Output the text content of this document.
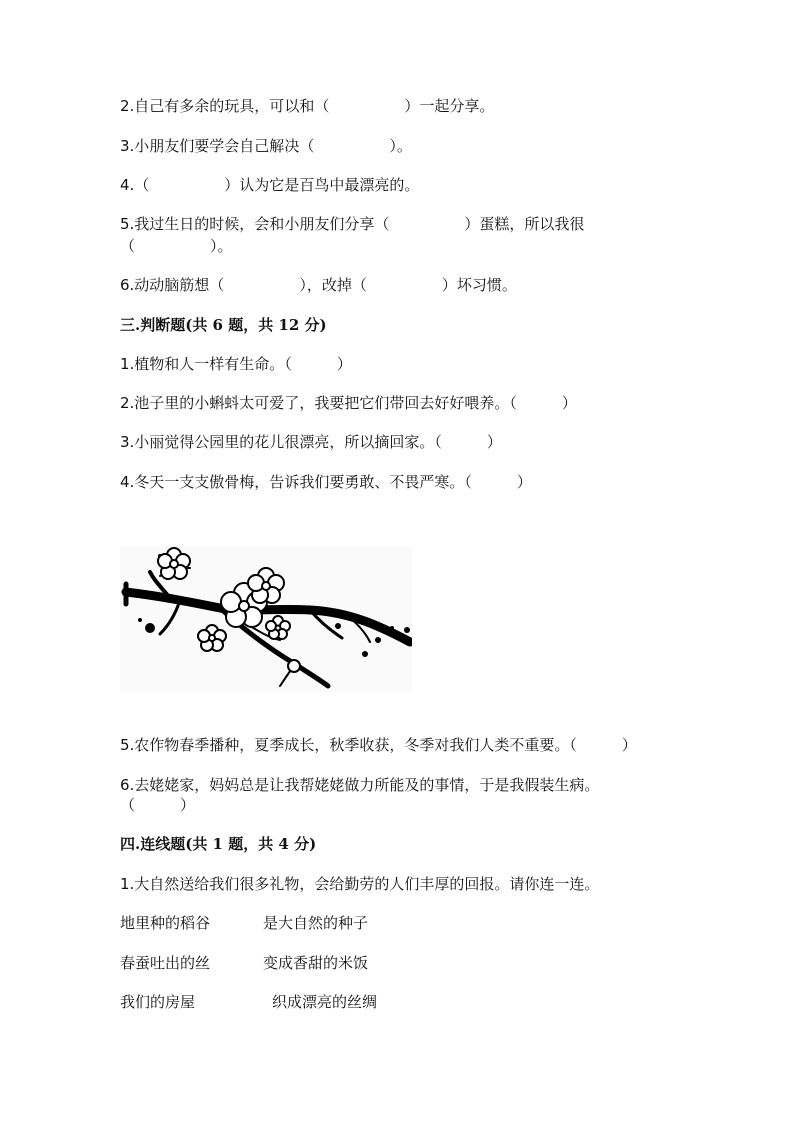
2.自己有多余的玩具，可以和（　　　　　）一起分享。
3.小朋友们要学会自己解决（　　　　　）。
4.（　　　　　）认为它是百鸟中最漂亮的。
5.我过生日的时候，会和小朋友们分享（　　　　　）蛋糕，所以我很
（　　　　　）。
6.动动脑筋想（　　　　　），改掉（　　　　　）坏习惯。
三.判断题(共 6 题，共 12 分)
1.植物和人一样有生命。（　　　）
2.池子里的小蝌蚪太可爱了，我要把它们带回去好好喂养。（　　　）
3.小丽觉得公园里的花儿很漂亮，所以摘回家。（　　　）
4.冬天一支支傲骨梅，告诉我们要勇敢、不畏严寒。（　　　）
5.农作物春季播种，夏季成长，秋季收获，冬季对我们人类不重要。（　　　）
6.去姥姥家，妈妈总是让我帮姥姥做力所能及的事情，于是我假装生病。
（　　　）
四.连线题(共 1 题，共 4 分)
1.大自然送给我们很多礼物，会给勤劳的人们丰厚的回报。请你连一连。
地里种的稻谷	是大自然的种子
春蚕吐出的丝	变成香甜的米饭
我们的房屋	织成漂亮的丝绸
